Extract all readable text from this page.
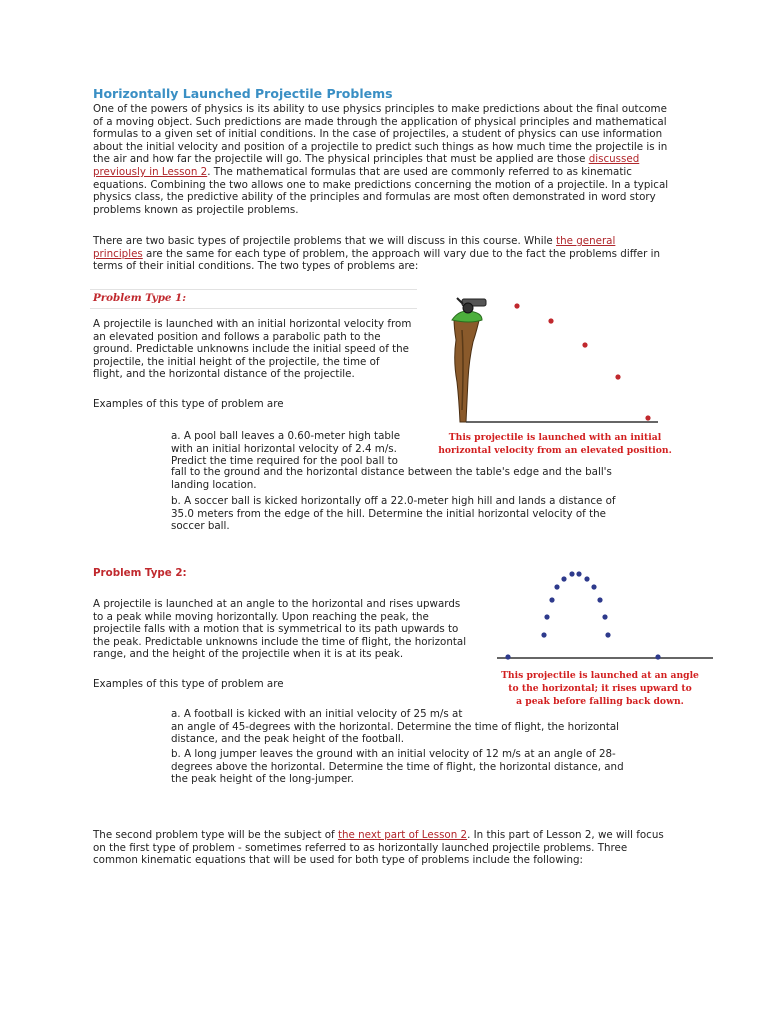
Horizontally Launched Projectile Problems

One of the powers of physics is its ability to use physics principles to make predictions about the final outcome
of a moving object. Such predictions are made through the application of physical principles and mathematical
formulas to a given set of initial conditions. In the case of projectiles, a student of physics can use information
about the initial velocity and position of a projectile to predict such things as how much time the projectile is in
the air and how far the projectile will go. The physical principles that must be applied are those discussed
previously in Lesson 2. The mathematical formulas that are used are commonly referred to as kinematic
equations. Combining the two allows one to make predictions concerning the motion of a projectile. In a typical
physics class, the predictive ability of the principles and formulas are most often demonstrated in word story
problems known as projectile problems.

There are two basic types of projectile problems that we will discuss in this course. While the general
principles are the same for each type of problem, the approach will vary due to the fact the problems differ in
terms of their initial conditions. The two types of problems are:

Problem Type 1:

A projectile is launched with an initial horizontal velocity from
an elevated position and follows a parabolic path to the
ground. Predictable unknowns include the initial speed of the
projectile, the initial height of the projectile, the time of
flight, and the horizontal distance of the projectile.

Examples of this type of problem are

a. A pool ball leaves a 0.60-meter high table
with an initial horizontal velocity of 2.4 m/s.
Predict the time required for the pool ball to

fall to the ground and the horizontal distance between the table's edge and the ball's
landing location.

b. A soccer ball is kicked horizontally off a 22.0-meter high hill and lands a distance of
35.0 meters from the edge of the hill. Determine the initial horizontal velocity of the
soccer ball.

This projectile is launched with an initial
horizontal velocity from an elevated position.

Problem Type 2:

A projectile is launched at an angle to the horizontal and rises upwards
to a peak while moving horizontally. Upon reaching the peak, the
projectile falls with a motion that is symmetrical to its path upwards to
the peak. Predictable unknowns include the time of flight, the horizontal
range, and the height of the projectile when it is at its peak.

Examples of this type of problem are

a. A football is kicked with an initial velocity of 25 m/s at
an angle of 45-degrees with the horizontal. Determine the time of flight, the horizontal
distance, and the peak height of the football.

b. A long jumper leaves the ground with an initial velocity of 12 m/s at an angle of 28-
degrees above the horizontal. Determine the time of flight, the horizontal distance, and
the peak height of the long-jumper.

This projectile is launched at an angle
to the horizontal; it rises upward to
a peak before falling back down.

The second problem type will be the subject of the next part of Lesson 2. In this part of Lesson 2, we will focus
on the first type of problem - sometimes referred to as horizontally launched projectile problems. Three
common kinematic equations that will be used for both type of problems include the following:
